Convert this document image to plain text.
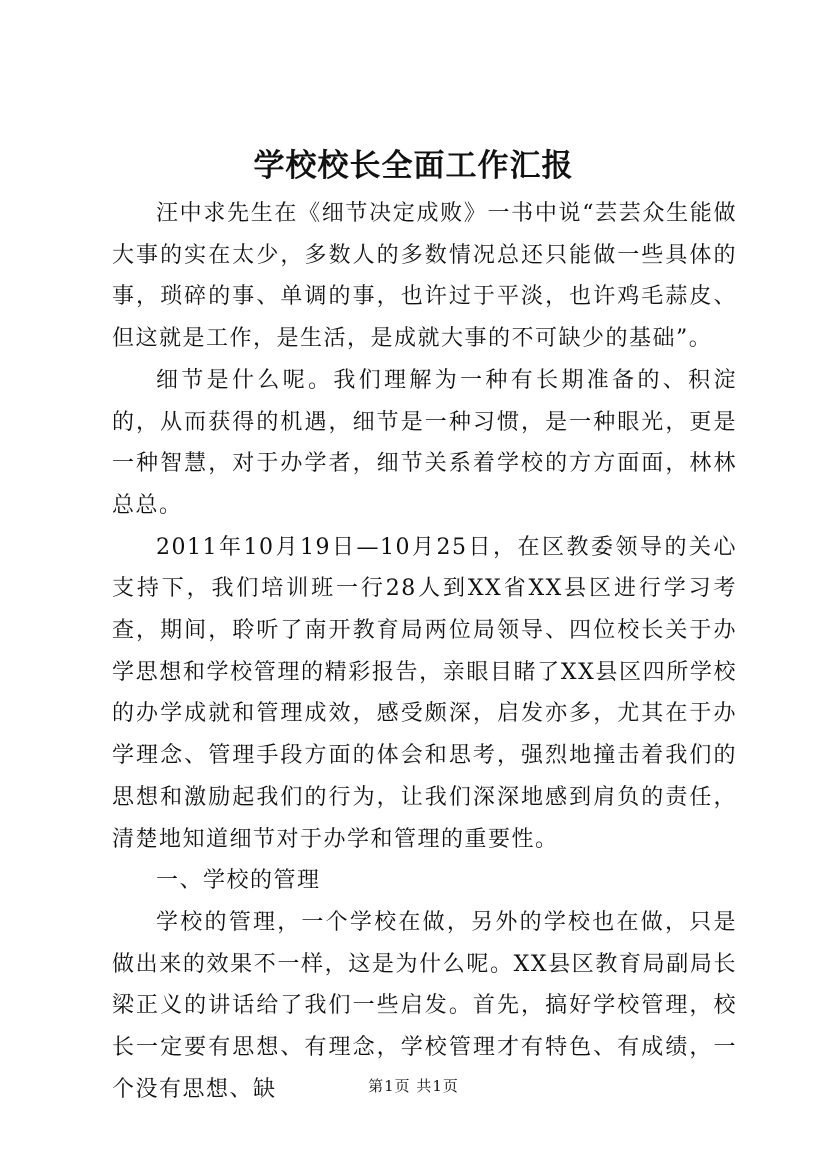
学校校长全面工作汇报

汪中求先生在《细节决定成败》一书中说“芸芸众生能做大事的实在太少，多数人的多数情况总还只能做一些具体的事，琐碎的事、单调的事，也许过于平淡，也许鸡毛蒜皮、但这就是工作，是生活，是成就大事的不可缺少的基础”。

细节是什么呢。我们理解为一种有长期准备的、积淀的，从而获得的机遇，细节是一种习惯，是一种眼光，更是一种智慧，对于办学者，细节关系着学校的方方面面，林林总总。

2011年10月19日—10月25日，在区教委领导的关心支持下，我们培训班一行28人到XX省XX县区进行学习考查，期间，聆听了南开教育局两位局领导、四位校长关于办学思想和学校管理的精彩报告，亲眼目睹了XX县区四所学校的办学成就和管理成效，感受颇深，启发亦多，尤其在于办学理念、管理手段方面的体会和思考，强烈地撞击着我们的思想和激励起我们的行为，让我们深深地感到肩负的责任，清楚地知道细节对于办学和管理的重要性。

一、学校的管理

学校的管理，一个学校在做，另外的学校也在做，只是做出来的效果不一样，这是为什么呢。XX县区教育局副局长梁正义的讲话给了我们一些启发。首先，搞好学校管理，校长一定要有思想、有理念，学校管理才有特色、有成绩，一个没有思想、缺	第1页 共1页
